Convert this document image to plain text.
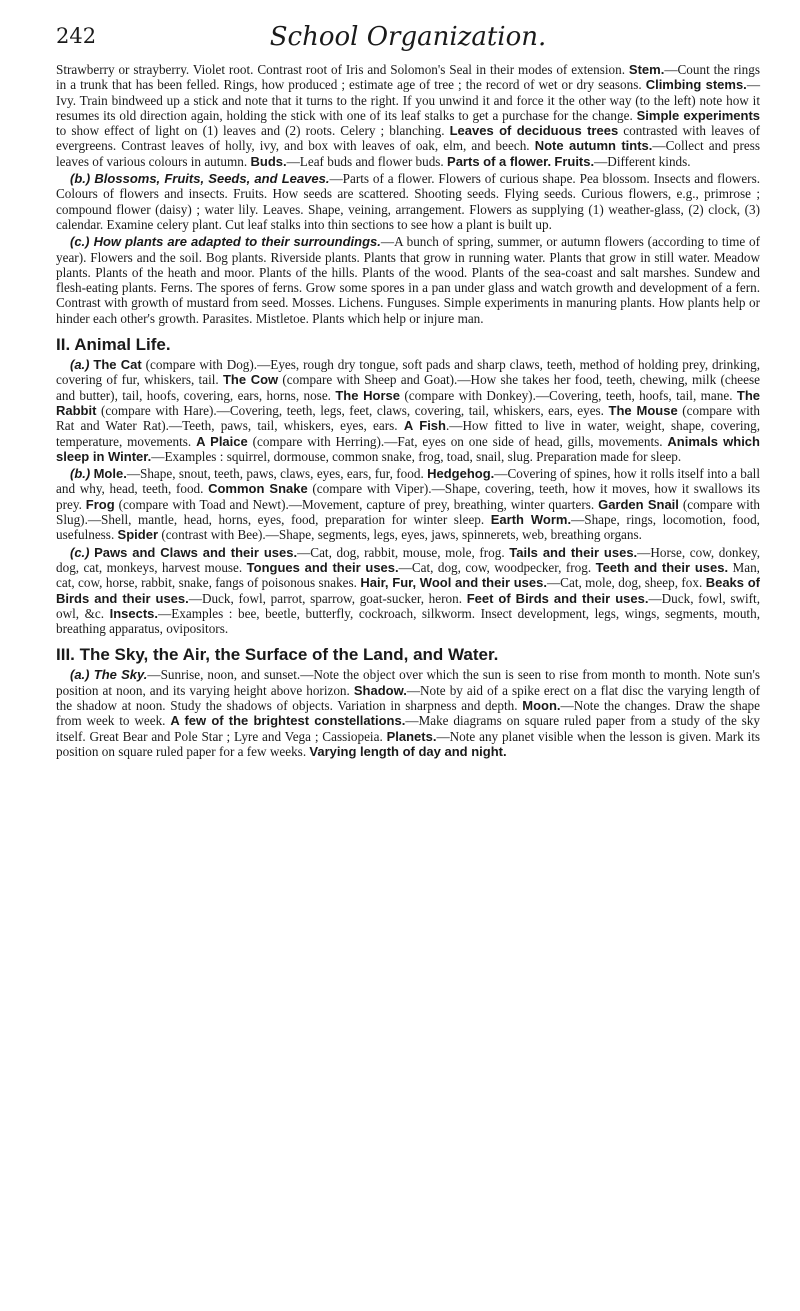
242	School Organization.

Strawberry or strayberry. Violet root. Contrast root of Iris and Solomon's Seal in their modes of extension. Stem.—Count the rings in a trunk that has been felled. Rings, how produced ; estimate age of tree ; the record of wet or dry seasons. Climbing stems.—Ivy. Train bindweed up a stick and note that it turns to the right. If you unwind it and force it the other way (to the left) note how it resumes its old direction again, holding the stick with one of its leaf stalks to get a purchase for the change. Simple experiments to show effect of light on (1) leaves and (2) roots. Celery ; blanching. Leaves of deciduous trees contrasted with leaves of evergreens. Contrast leaves of holly, ivy, and box with leaves of oak, elm, and beech. Note autumn tints.—Collect and press leaves of various colours in autumn. Buds.—Leaf buds and flower buds. Parts of a flower. Fruits.—Different kinds.

(b.) Blossoms, Fruits, Seeds, and Leaves.—Parts of a flower. Flowers of curious shape. Pea blossom. Insects and flowers. Colours of flowers and insects. Fruits. How seeds are scattered. Shooting seeds. Flying seeds. Curious flowers, e.g., primrose ; compound flower (daisy) ; water lily. Leaves. Shape, veining, arrangement. Flowers as supplying (1) weather-glass, (2) clock, (3) calendar. Examine celery plant. Cut leaf stalks into thin sections to see how a plant is built up.

(c.) How plants are adapted to their surroundings.—A bunch of spring, summer, or autumn flowers (according to time of year). Flowers and the soil. Bog plants. Riverside plants. Plants that grow in running water. Plants that grow in still water. Meadow plants. Plants of the heath and moor. Plants of the hills. Plants of the wood. Plants of the sea-coast and salt marshes. Sundew and flesh-eating plants. Ferns. The spores of ferns. Grow some spores in a pan under glass and watch growth and development of a fern. Contrast with growth of mustard from seed. Mosses. Lichens. Funguses. Simple experiments in manuring plants. How plants help or hinder each other's growth. Parasites. Mistletoe. Plants which help or injure man.

II. Animal Life.

(a.) The Cat (compare with Dog).—Eyes, rough dry tongue, soft pads and sharp claws, teeth, method of holding prey, drinking, covering of fur, whiskers, tail. The Cow (compare with Sheep and Goat).—How she takes her food, teeth, chewing, milk (cheese and butter), tail, hoofs, covering, ears, horns, nose. The Horse (compare with Donkey).—Covering, teeth, hoofs, tail, mane. The Rabbit (compare with Hare).—Covering, teeth, legs, feet, claws, covering, tail, whiskers, ears, eyes. The Mouse (compare with Rat and Water Rat).—Teeth, paws, tail, whiskers, eyes, ears. A Fish.—How fitted to live in water, weight, shape, covering, temperature, movements. A Plaice (compare with Herring).—Fat, eyes on one side of head, gills, movements. Animals which sleep in Winter.—Examples : squirrel, dormouse, common snake, frog, toad, snail, slug. Preparation made for sleep.

(b.) Mole.—Shape, snout, teeth, paws, claws, eyes, ears, fur, food. Hedgehog.—Covering of spines, how it rolls itself into a ball and why, head, teeth, food. Common Snake (compare with Viper).—Shape, covering, teeth, how it moves, how it swallows its prey. Frog (compare with Toad and Newt).—Movement, capture of prey, breathing, winter quarters. Garden Snail (compare with Slug).—Shell, mantle, head, horns, eyes, food, preparation for winter sleep. Earth Worm.—Shape, rings, locomotion, food, usefulness. Spider (contrast with Bee).—Shape, segments, legs, eyes, jaws, spinnerets, web, breathing organs.

(c.) Paws and Claws and their uses.—Cat, dog, rabbit, mouse, mole, frog. Tails and their uses.—Horse, cow, donkey, dog, cat, monkeys, harvest mouse. Tongues and their uses.—Cat, dog, cow, woodpecker, frog. Teeth and their uses. Man, cat, cow, horse, rabbit, snake, fangs of poisonous snakes. Hair, Fur, Wool and their uses.—Cat, mole, dog, sheep, fox. Beaks of Birds and their uses.—Duck, fowl, parrot, sparrow, goat-sucker, heron. Feet of Birds and their uses.—Duck, fowl, swift, owl, &c. Insects.—Examples : bee, beetle, butterfly, cockroach, silkworm. Insect development, legs, wings, segments, mouth, breathing apparatus, ovipositors.

III. The Sky, the Air, the Surface of the Land, and Water.

(a.) The Sky.—Sunrise, noon, and sunset.—Note the object over which the sun is seen to rise from month to month. Note sun's position at noon, and its varying height above horizon. Shadow.—Note by aid of a spike erect on a flat disc the varying length of the shadow at noon. Study the shadows of objects. Variation in sharpness and depth. Moon.—Note the changes. Draw the shape from week to week. A few of the brightest constellations.—Make diagrams on square ruled paper from a study of the sky itself. Great Bear and Pole Star ; Lyre and Vega ; Cassiopeia. Planets.—Note any planet visible when the lesson is given. Mark its position on square ruled paper for a few weeks. Varying length of day and night.
